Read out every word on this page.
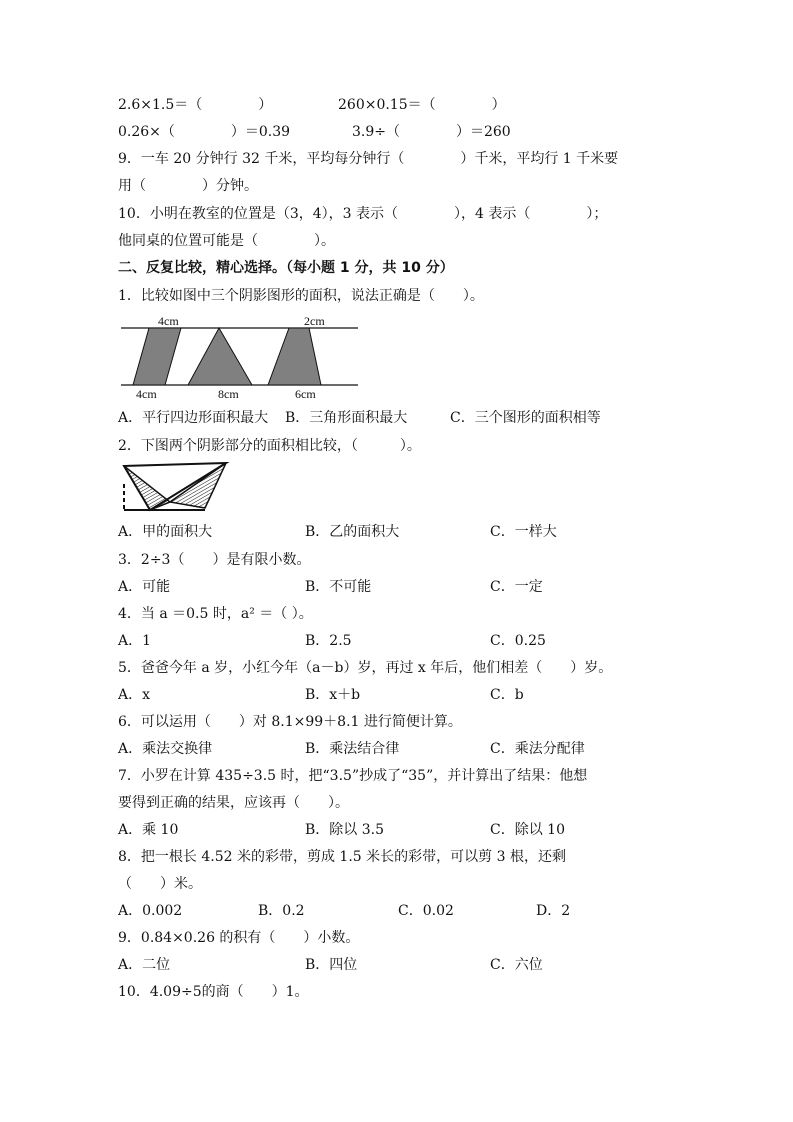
2.6×1.5＝（　　　　）	260×0.15＝（　　　　）
0.26×（　　　　）＝0.39	3.9÷（　　　　）＝260
9．一车 20 分钟行 32 千米，平均每分钟行（　　　　）千米，平均行 1 千米要
用（　　　　）分钟。
10．小明在教室的位置是（3，4），3 表示（　　　　），4 表示（　　　　）；
他同桌的位置可能是（　　　　）。
二、反复比较，精心选择。（每小题 1 分，共 10 分）
1．比较如图中三个阴影图形的面积，说法正确是（　　）。
4cm	2cm
4cm	8cm	6cm
A．平行四边形面积最大 B．三角形面积最大	C．三个图形的面积相等
2．下图两个阴影部分的面积相比较，（　　　）。
A．甲的面积大	B．乙的面积大	C．一样大
3．2÷3（　　）是有限小数。
A．可能	B．不可能	C．一定
4．当 a ＝0.5 时，a² ＝（ ）。
A．1	B．2.5	C．0.25
5．爸爸今年 a 岁，小红今年（a－b）岁，再过 x 年后，他们相差（　　）岁。
A．x	B．x＋b	C．b
6．可以运用（　　）对 8.1×99＋8.1 进行简便计算。
A．乘法交换律	B．乘法结合律	C．乘法分配律
7．小罗在计算 435÷3.5 时，把“3.5”抄成了“35”，并计算出了结果：他想
要得到正确的结果，应该再（　　）。
A．乘 10	B．除以 3.5	C．除以 10
8．把一根长 4.52 米的彩带，剪成 1.5 米长的彩带，可以剪 3 根，还剩
（　　）米。
A．0.002	B．0.2	C．0.02	D．2
9．0.84×0.26 的积有（　　）小数。
A．二位	B．四位	C．六位
10．4.09÷5的商（　　）1。
